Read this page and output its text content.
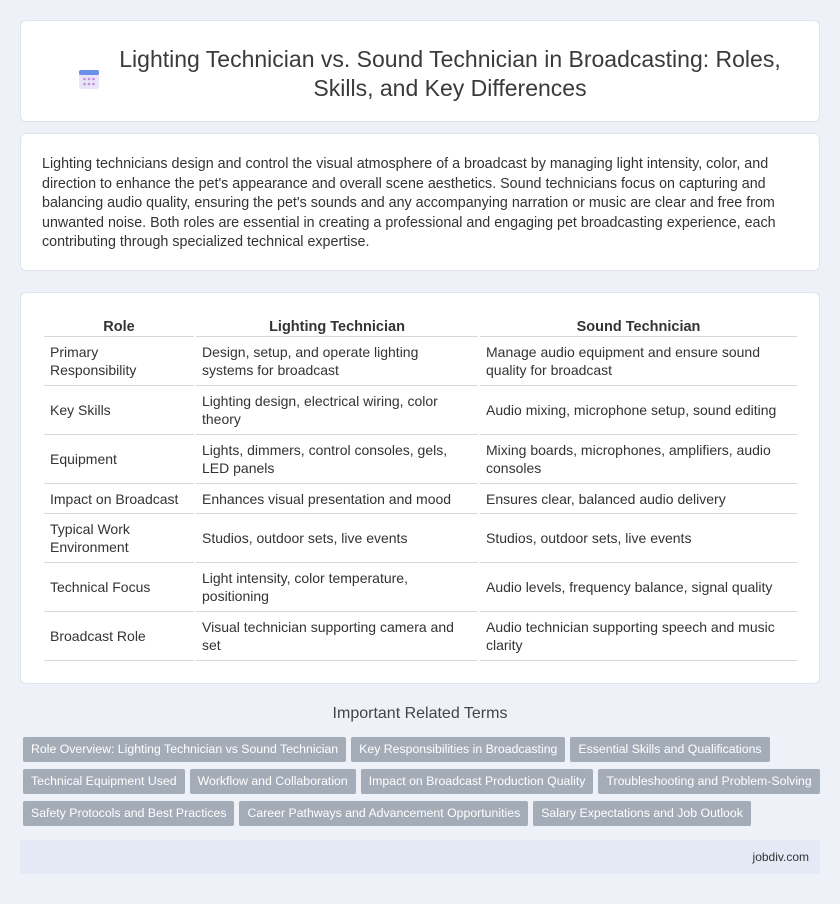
Lighting Technician vs. Sound Technician in Broadcasting: Roles, Skills, and Key Differences

Lighting technicians design and control the visual atmosphere of a broadcast by managing light intensity, color, and direction to enhance the pet's appearance and overall scene aesthetics. Sound technicians focus on capturing and balancing audio quality, ensuring the pet's sounds and any accompanying narration or music are clear and free from unwanted noise. Both roles are essential in creating a professional and engaging pet broadcasting experience, each contributing through specialized technical expertise.

Role	Lighting Technician	Sound Technician
Primary Responsibility	Design, setup, and operate lighting systems for broadcast	Manage audio equipment and ensure sound quality for broadcast
Key Skills	Lighting design, electrical wiring, color theory	Audio mixing, microphone setup, sound editing
Equipment	Lights, dimmers, control consoles, gels, LED panels	Mixing boards, microphones, amplifiers, audio consoles
Impact on Broadcast	Enhances visual presentation and mood	Ensures clear, balanced audio delivery
Typical Work Environment	Studios, outdoor sets, live events	Studios, outdoor sets, live events
Technical Focus	Light intensity, color temperature, positioning	Audio levels, frequency balance, signal quality
Broadcast Role	Visual technician supporting camera and set	Audio technician supporting speech and music clarity
Important Related Terms
Role Overview: Lighting Technician vs Sound Technician Key Responsibilities in Broadcasting Essential Skills and Qualifications
Technical Equipment Used Workflow and Collaboration Impact on Broadcast Production Quality Troubleshooting and Problem-Solving
Safety Protocols and Best Practices Career Pathways and Advancement Opportunities Salary Expectations and Job Outlook
jobdiv.com
